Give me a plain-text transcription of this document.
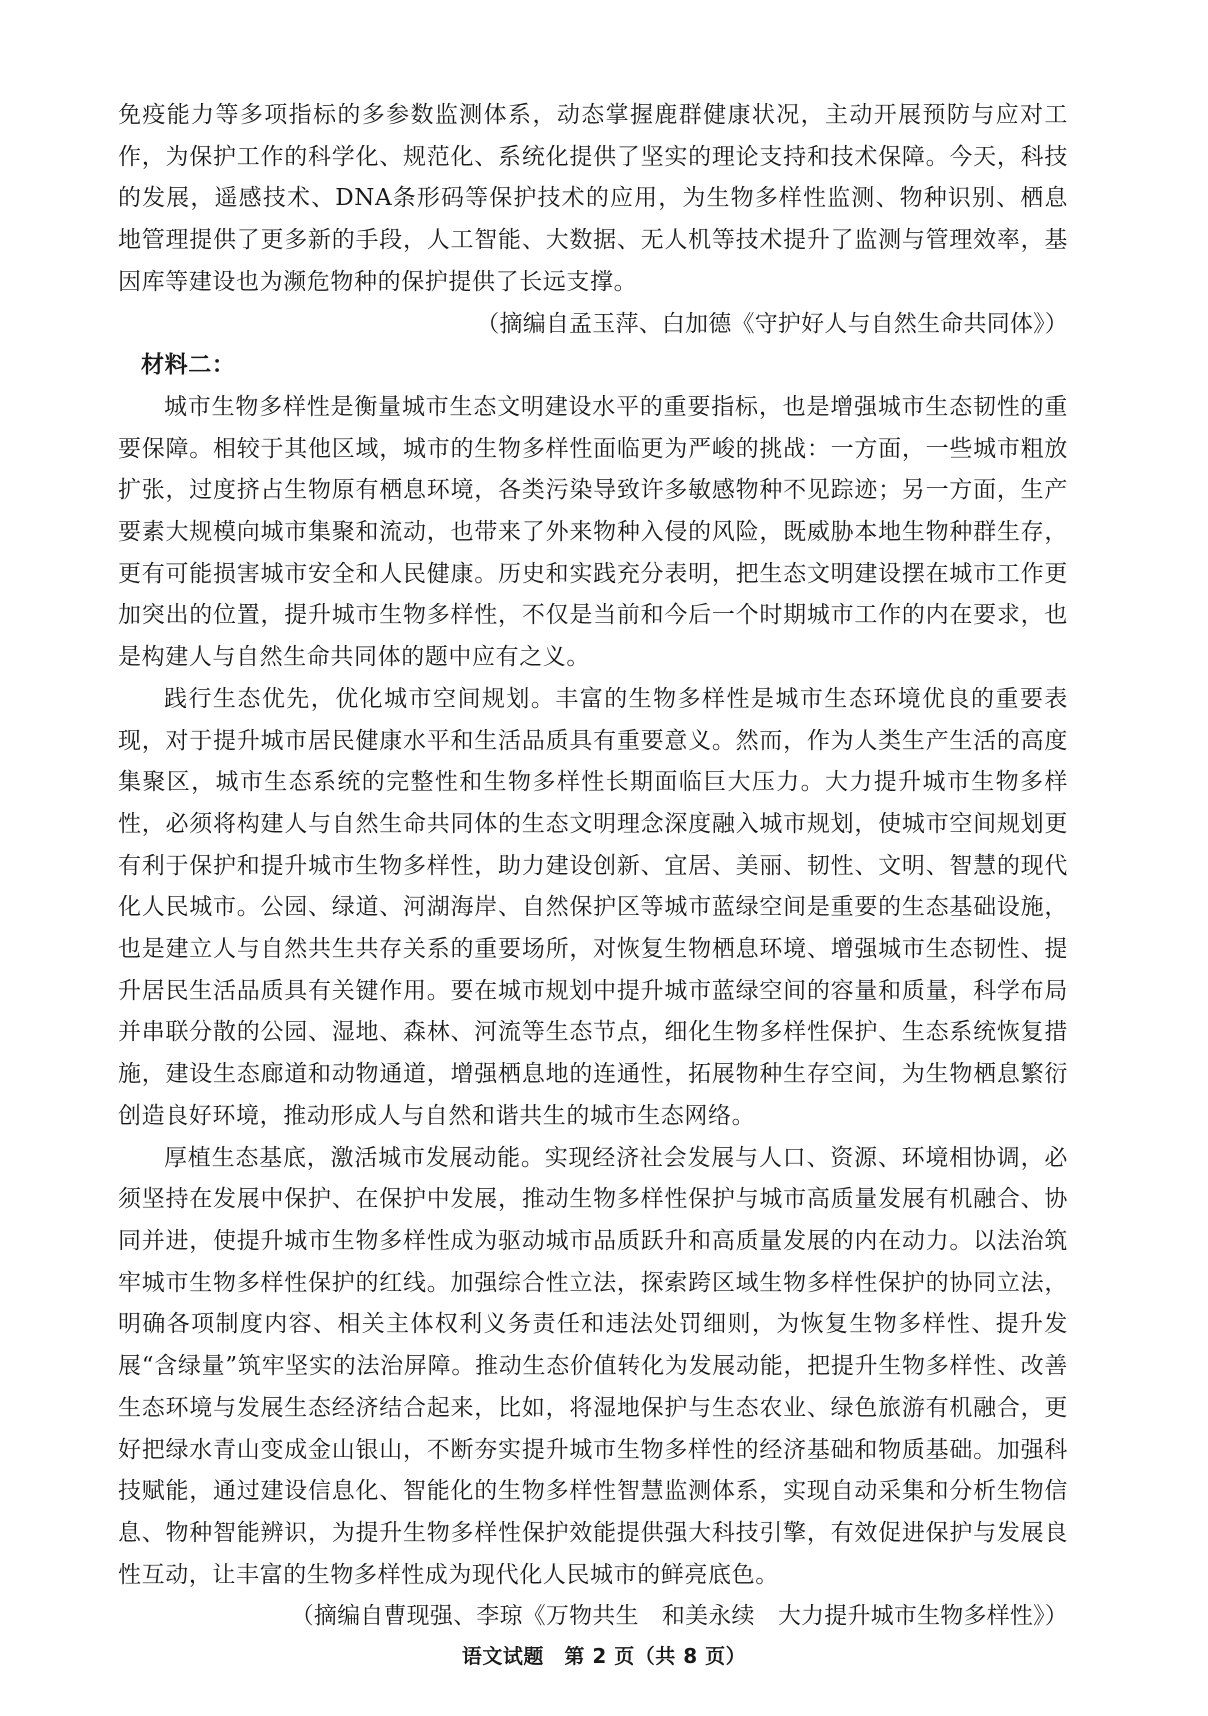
免疫能力等多项指标的多参数监测体系，动态掌握鹿群健康状况，主动开展预防与应对工作，为保护工作的科学化、规范化、系统化提供了坚实的理论支持和技术保障。今天，科技的发展，遥感技术、DNA条形码等保护技术的应用，为生物多样性监测、物种识别、栖息地管理提供了更多新的手段，人工智能、大数据、无人机等技术提升了监测与管理效率，基因库等建设也为濒危物种的保护提供了长远支撑。

（摘编自孟玉萍、白加德《守护好人与自然生命共同体》）

材料二：

城市生物多样性是衡量城市生态文明建设水平的重要指标，也是增强城市生态韧性的重要保障。相较于其他区域，城市的生物多样性面临更为严峻的挑战：一方面，一些城市粗放扩张，过度挤占生物原有栖息环境，各类污染导致许多敏感物种不见踪迹；另一方面，生产要素大规模向城市集聚和流动，也带来了外来物种入侵的风险，既威胁本地生物种群生存，更有可能损害城市安全和人民健康。历史和实践充分表明，把生态文明建设摆在城市工作更加突出的位置，提升城市生物多样性，不仅是当前和今后一个时期城市工作的内在要求，也是构建人与自然生命共同体的题中应有之义。

践行生态优先，优化城市空间规划。丰富的生物多样性是城市生态环境优良的重要表现，对于提升城市居民健康水平和生活品质具有重要意义。然而，作为人类生产生活的高度集聚区，城市生态系统的完整性和生物多样性长期面临巨大压力。大力提升城市生物多样性，必须将构建人与自然生命共同体的生态文明理念深度融入城市规划，使城市空间规划更有利于保护和提升城市生物多样性，助力建设创新、宜居、美丽、韧性、文明、智慧的现代化人民城市。公园、绿道、河湖海岸、自然保护区等城市蓝绿空间是重要的生态基础设施，也是建立人与自然共生共存关系的重要场所，对恢复生物栖息环境、增强城市生态韧性、提升居民生活品质具有关键作用。要在城市规划中提升城市蓝绿空间的容量和质量，科学布局并串联分散的公园、湿地、森林、河流等生态节点，细化生物多样性保护、生态系统恢复措施，建设生态廊道和动物通道，增强栖息地的连通性，拓展物种生存空间，为生物栖息繁衍创造良好环境，推动形成人与自然和谐共生的城市生态网络。

厚植生态基底，激活城市发展动能。实现经济社会发展与人口、资源、环境相协调，必须坚持在发展中保护、在保护中发展，推动生物多样性保护与城市高质量发展有机融合、协同并进，使提升城市生物多样性成为驱动城市品质跃升和高质量发展的内在动力。以法治筑牢城市生物多样性保护的红线。加强综合性立法，探索跨区域生物多样性保护的协同立法，明确各项制度内容、相关主体权利义务责任和违法处罚细则，为恢复生物多样性、提升发展“含绿量”筑牢坚实的法治屏障。推动生态价值转化为发展动能，把提升生物多样性、改善生态环境与发展生态经济结合起来，比如，将湿地保护与生态农业、绿色旅游有机融合，更好把绿水青山变成金山银山，不断夯实提升城市生物多样性的经济基础和物质基础。加强科技赋能，通过建设信息化、智能化的生物多样性智慧监测体系，实现自动采集和分析生物信息、物种智能辨识，为提升生物多样性保护效能提供强大科技引擎，有效促进保护与发展良性互动，让丰富的生物多样性成为现代化人民城市的鲜亮底色。

（摘编自曹现强、李琼《万物共生　和美永续　大力提升城市生物多样性》）

语文试题　第 2 页（共 8 页）
